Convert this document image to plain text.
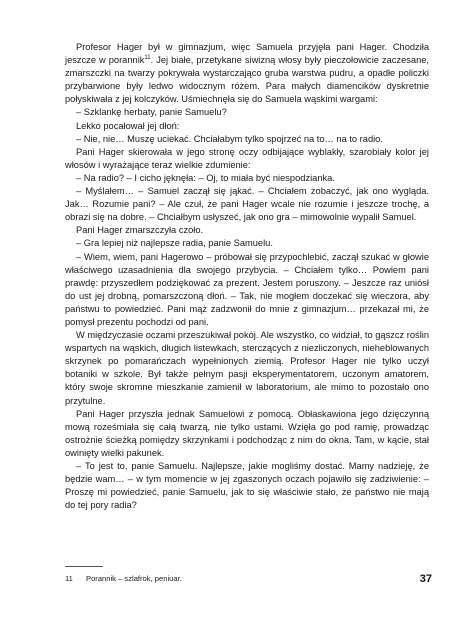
Profesor Hager był w gimnazjum, więc Samuela przyjęła pani Hager. Chodziła jeszcze w porannik$^{11}$. Jej białe, przetykane siwizną włosy były pieczołowicie zaczesane, zmarszczki na twarzy pokrywała wystarczająco gruba warstwa pudru, a opadłe policzki przybarwione były ledwo widocznym różem. Para małych diamencików dyskretnie połyskiwała z jej kolczyków. Uśmiechnęła się do Samuela wąskimi wargami:

– Szklankę herbaty, panie Samuelu?

Lekko pocałował jej dłoń:

– Nie, nie… Muszę uciekać. Chciałabym tylko spojrzeć na to… na to radio.

Pani Hager skierowała w jego stronę oczy odbijające wyblakły, szarobiały kolor jej włosów i wyrażające teraz wielkie zdumienie:

– Na radio? – I cicho jęknęła: – Oj, to miała być niespodzianka.

– Myślałem… – Samuel zaczął się jąkać. – Chciałem zobaczyć, jak ono wygląda. Jak… Rozumie pani? – Ale czuł, że pani Hager wcale nie rozumie i jeszcze trochę, a obrazi się na dobre. – Chciałbym usłyszeć, jak ono gra – mimowolnie wypalił Samuel.

Pani Hager zmarszczyła czoło.

– Gra lepiej niż najlepsze radia, panie Samuelu.

– Wiem, wiem, pani Hagerowo – próbował się przypochlebić, zaczął szukać w głowie właściwego uzasadnienia dla swojego przybycia. – Chciałem tylko… Powiem pani prawdę: przyszedłem podziękować za prezent. Jestem poruszony. – Jeszcze raz uniósł do ust jej drobną, pomarszczoną dłoń. – Tak, nie mogłem doczekać się wieczora, aby państwu to powiedzieć. Pani mąż zadzwonił do mnie z gimnazjum… przekazał mi, że pomysł prezentu pochodzi od pani.

W międzyczasie oczami przeszukiwał pokój. Ale wszystko, co widział, to gąszcz roślin wspartych na wąskich, długich listewkach, sterczących z niezliczonych, nieheblowanych skrzynek po pomarańczach wypełnionych ziemią. Profesor Hager nie tylko uczył botaniki w szkole. Był także pełnym pasji eksperymentatorem, uczonym amatorem, który swoje skromne mieszkanie zamienił w laboratorium, ale mimo to pozostało ono przytulne.

Pani Hager przyszła jednak Samuelowi z pomocą. Obłaskawiona jego dzięczynną mową roześmiała się całą twarzą, nie tylko ustami. Wzięła go pod ramię, prowadząc ostrożnie ścieżką pomiędzy skrzynkami i podchodząc z nim do okna. Tam, w kącie, stał owinięty wielki pakunek.

– To jest to, panie Samuelu. Najlepsze, jakie mogliśmy dostać. Mamy nadzieję, że będzie wam… – w tym momencie w jej zgaszonych oczach pojawiło się zadziwienie: – Proszę mi powiedzieć, panie Samuelu, jak to się właściwie stało, że państwo nie mają do tej pory radia?

11 Porannik – szlafrok, peniuar.	37
